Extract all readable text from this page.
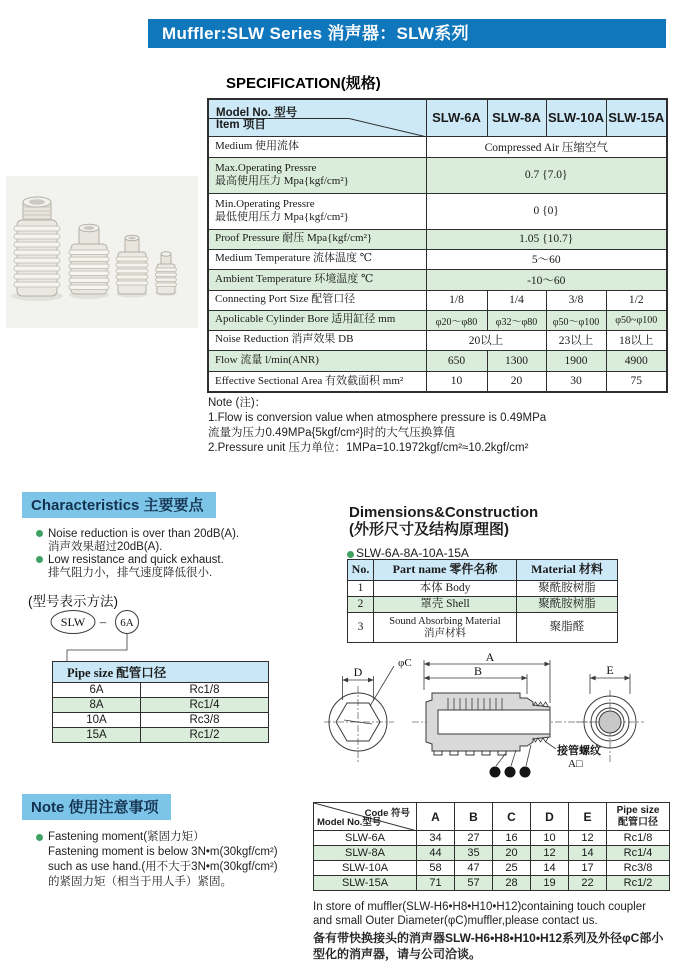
Muffler:SLW Series 消声器：SLW系列
SPECIFICATION(规格)
Model No. 型号
Item 项目	SLW-6A	SLW-8A	SLW-10A	SLW-15A
Medium 使用流体	Compressed Air 压缩空气			

Max.Operating Pressre
最高使用压力 Mpa{kgf/cm²}	0.7 {7.0}			

Min.Operating Pressre
最低使用压力 Mpa{kgf/cm²}	0 {0}			
Proof Pressure 耐压 Mpa{kgf/cm²}	1.05 {10.7}			
Medium Temperature 流体温度 ℃	5～60			
Ambient Temperature 环境温度 ℃	-10～60			
Connecting Port Size 配管口径	1/8	1/4	3/8	1/2
Apolicable Cylinder Bore 适用缸径 mm	φ20～φ80	φ32～φ80	φ50～φ100	φ50~φ100
Noise Reduction 消声效果 DB	20以上		23以上	18以上
Flow 流量 l/min(ANR)	650	1300	1900	4900
Effective Sectional Area 有效截面积 mm²	10	20	30	75
Note (注)：
1.Flow is conversion value when atmosphere pressure is 0.49MPa
流量为压力0.49MPa{5kgf/cm²}时的大气压换算值
2.Pressure unit 压力单位：1MPa=10.1972kgf/cm²≈10.2kgf/cm²
Characteristics 主要要点
Noise reduction is over than 20dB(A).
消声效果超过20dB(A).
Low resistance and quick exhaust.
排气阻力小，排气速度降低很小.
(型号表示方法)
SLW – 6A
Pipe size 配管口径	
6A	Rc1/8
8A	Rc1/4
10A	Rc3/8
15A	Rc1/2
Dimensions&Construction
(外形尺寸及结构原理图)
SLW-6A-8A-10A-15A
No.	Part name 零件名称	Material 材料
1	本体 Body	聚酰胺树脂
2	罩壳 Shell	聚酰胺树脂
3	Sound Absorbing Material
消声材料	聚脂醛
D
φC	A
B
3 2 1
接管螺纹
A□
E
Note 使用注意事项
Fastening moment(紧固力矩）
Fastening moment is below 3N•m(30kgf/cm²)
such as use hand.(用不大于3N•m(30kgf/cm²)
的紧固力矩（相当于用人手）紧固。
Code 符号
Model No.型号	A	B	C	D	E	Pipe size
配管口径

SLW-6A	34	27	16	10	12	Rc1/8
SLW-8A	44	35	20	12	14	Rc1/4
SLW-10A	58	47	25	14	17	Rc3/8
SLW-15A	71	57	28	19	22	Rc1/2
In store of muffler(SLW-H6•H8•H10•H12)containing touch coupler
and small Outer Diameter(φC)muffler,please contact us.
备有带快换接头的消声器SLW-H6•H8•H10•H12系列及外径φC部小
型化的消声器，请与公司洽谈。
